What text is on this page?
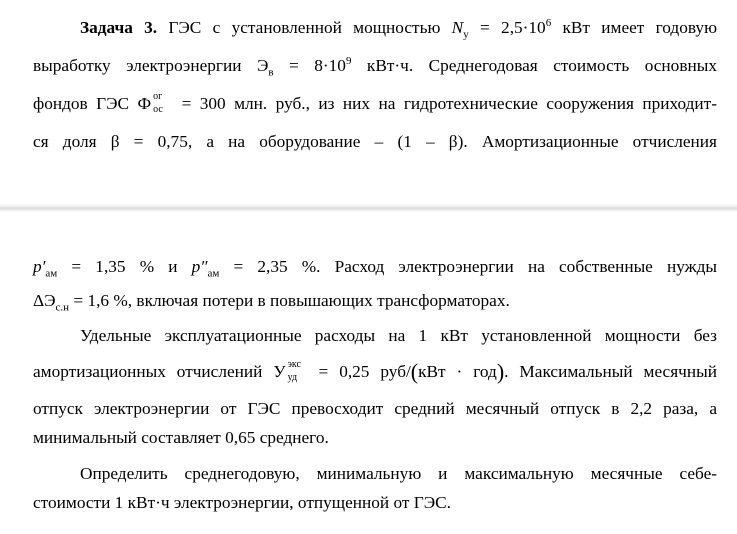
Задача 3. ГЭС с установленной мощностью $N_у = 2,5\cdot 10^6$ кВт имеет годовую
выработку электроэнергии $Э_в = 8\cdot 10^9$ кВт·ч. Среднегодовая стоимость основных
фондов ГЭС Ф ог
ос = 300 млн. руб., из них на гидротехнические сооружения приходит-
ся доля β = 0,75, а на оборудование – (1 – β). Амортизационные отчисления
$p'_{ам} = 1,35$ % и $p''_{ам} = 2,35$ %. Расход электроэнергии на собственные нужды
$\Delta Э_{с.н} = 1,6$ %, включая потери в повышающих трансформаторах.
Удельные эксплуатационные расходы на 1 кВт установленной мощности без
амортизационных отчислений У экс
уд = 0,25 руб/(кВт · год). Максимальный месячный
отпуск электроэнергии от ГЭС превосходит средний месячный отпуск в 2,2 раза, а
минимальный составляет 0,65 среднего.
Определить среднегодовую, минимальную и максимальную месячные себе-
стоимости 1 кВт·ч электроэнергии, отпущенной от ГЭС.
